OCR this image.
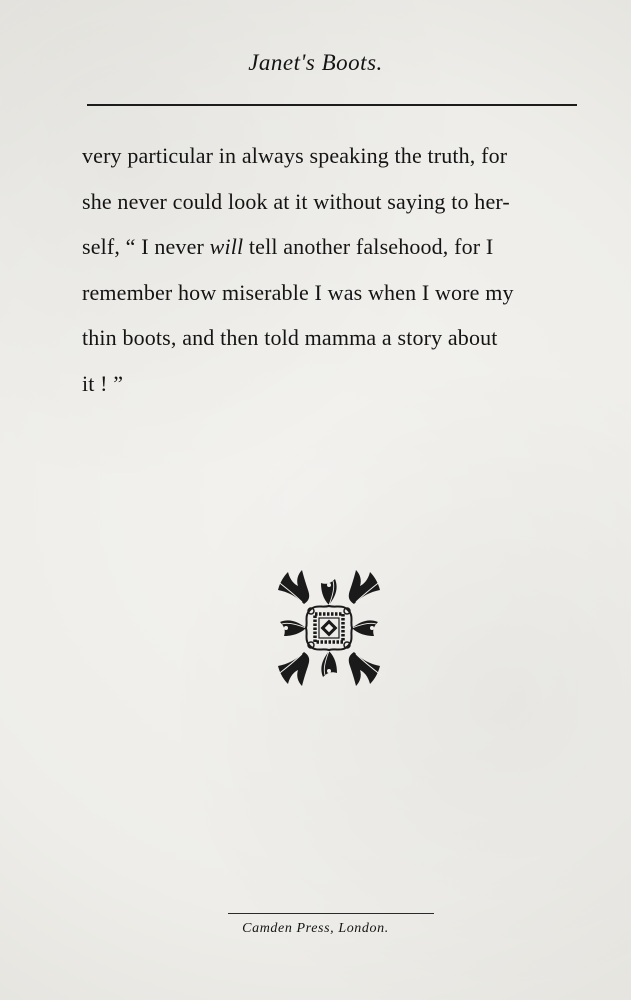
Janet's Boots.

very particular in always speaking the truth, for

she never could look at it without saying to her-

self, “ I never will tell another falsehood, for I

remember how miserable I was when I wore my

thin boots, and then told mamma a story about

it ! ”

Camden Press, London.
